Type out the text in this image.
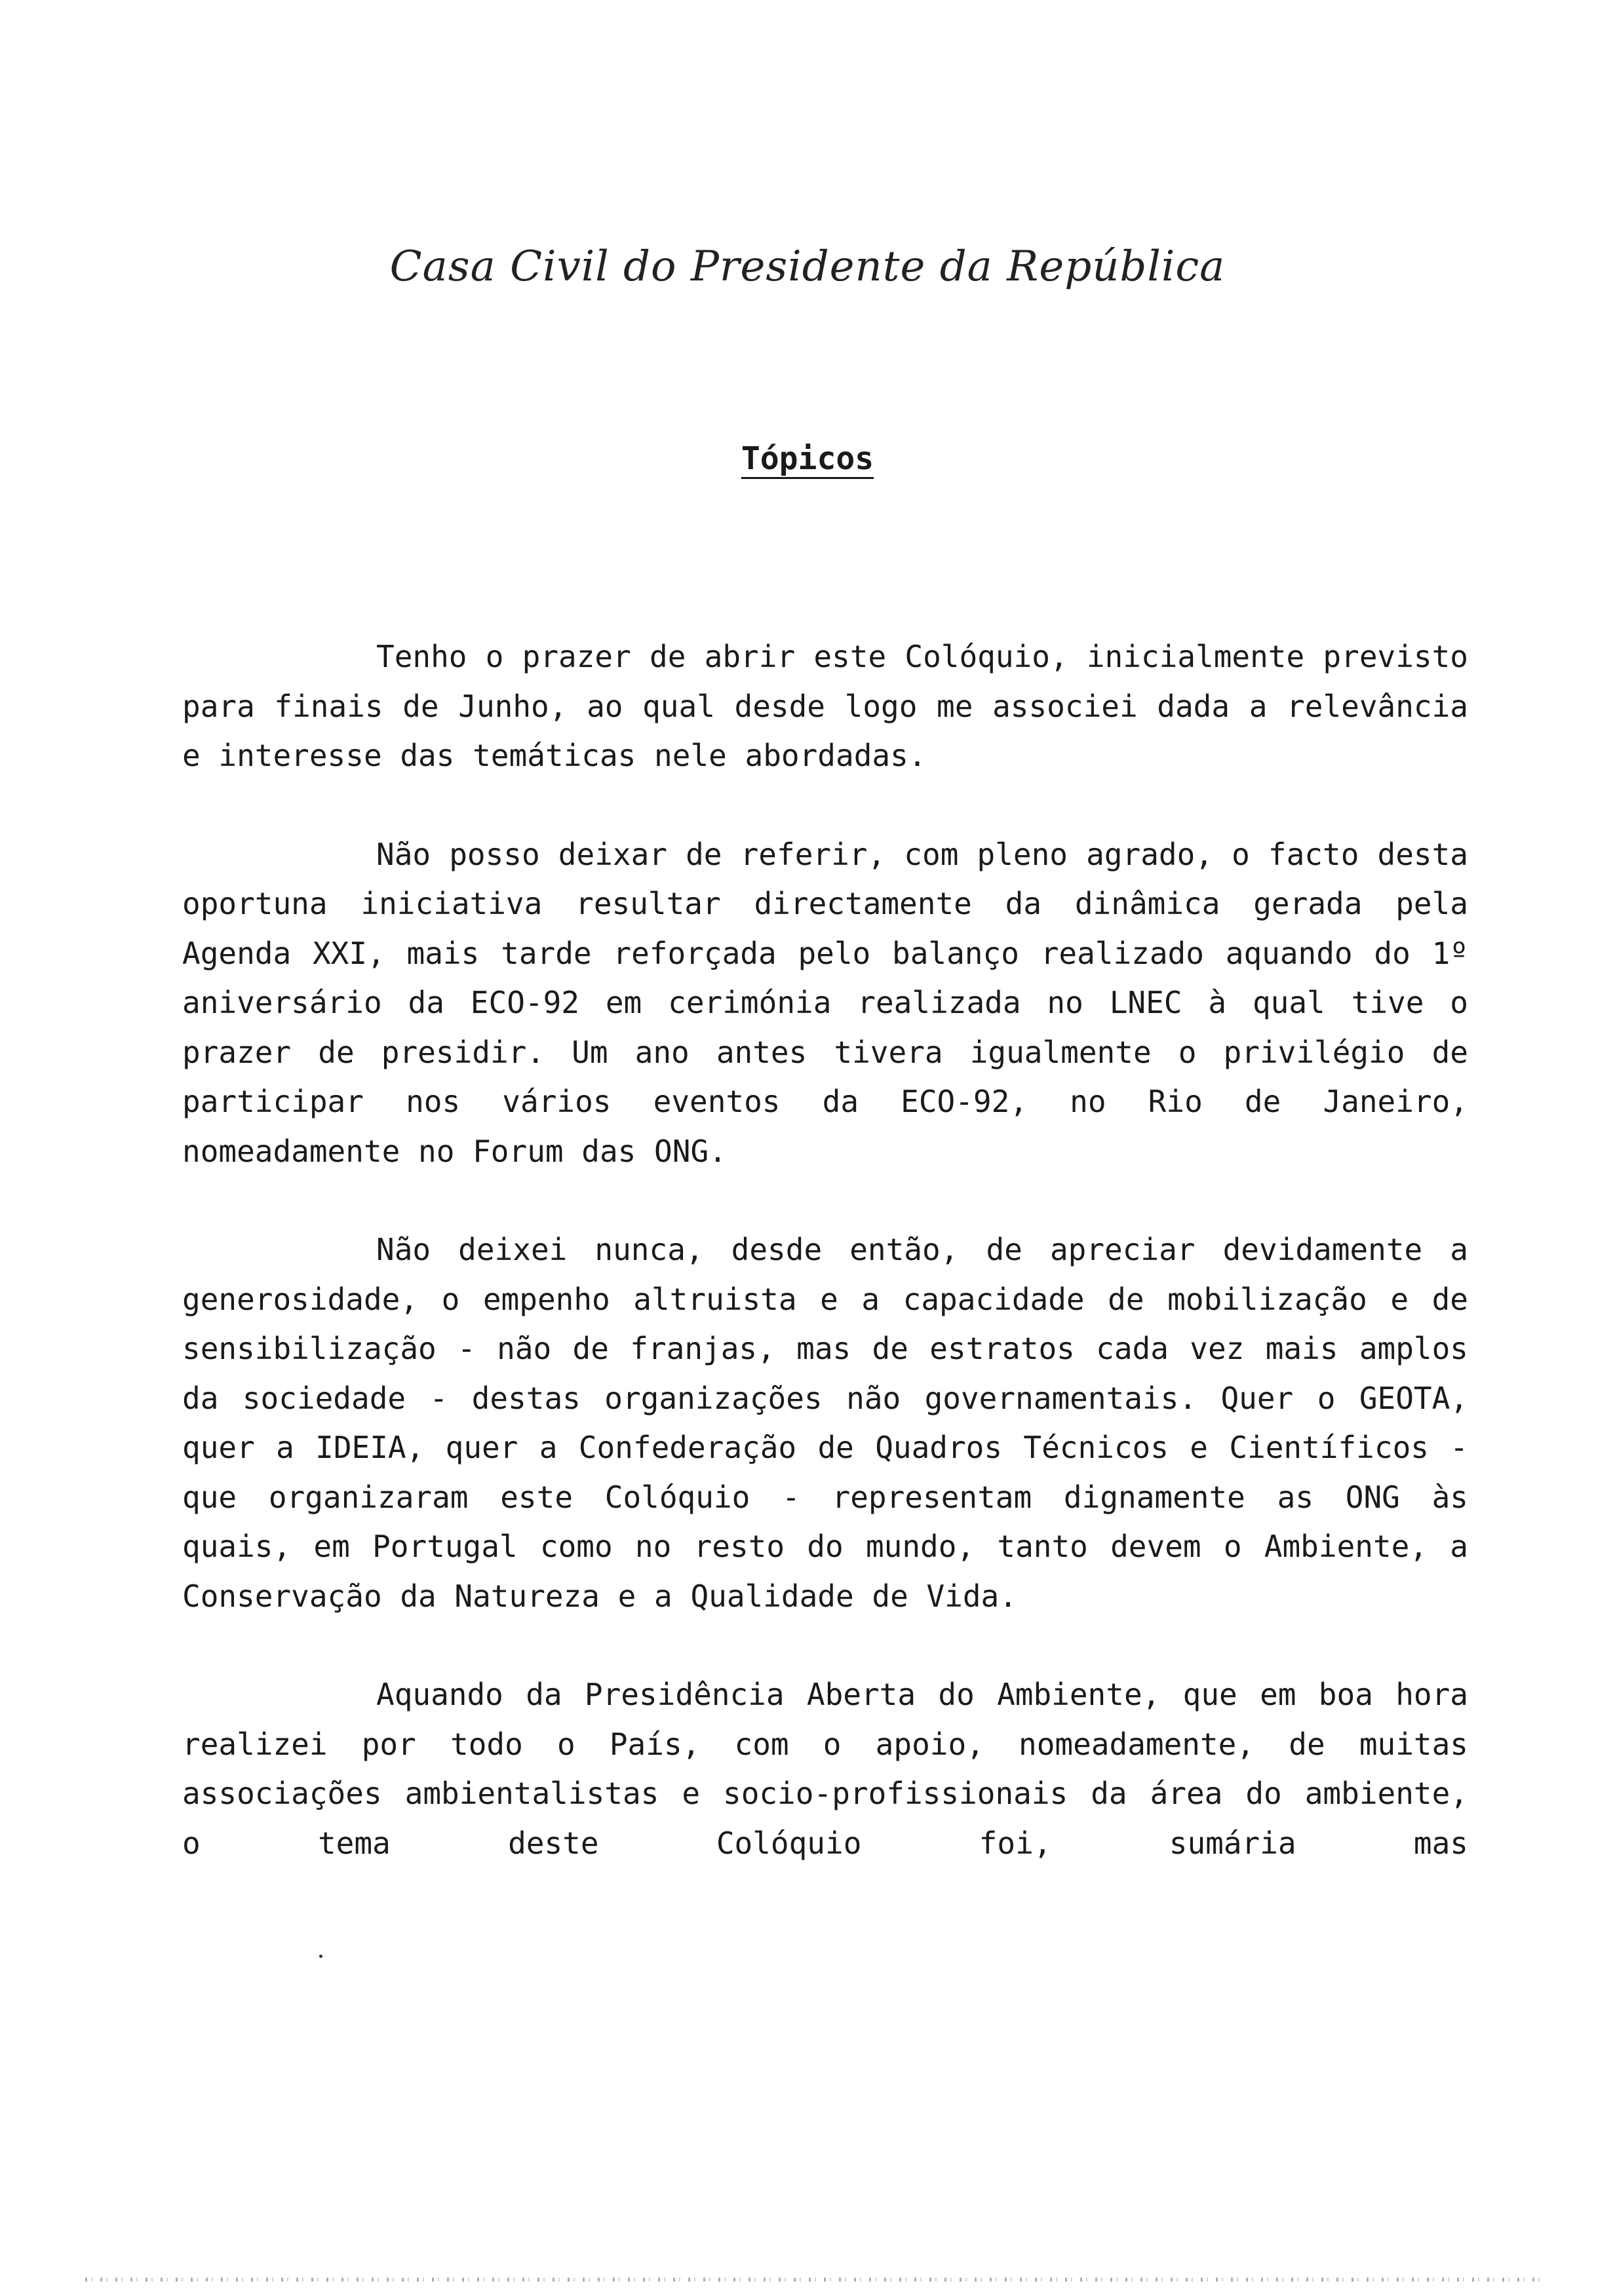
Casa Civil do Presidente da República
Tópicos

Tenho o prazer de abrir este Colóquio, inicialmente previsto para finais de Junho, ao qual desde logo me associei dada a relevância e interesse das temáticas nele abordadas.

Não posso deixar de referir, com pleno agrado, o facto desta oportuna iniciativa resultar directamente da dinâmica gerada pela Agenda XXI, mais tarde reforçada pelo balanço realizado aquando do 1º aniversário da ECO-92 em cerimónia realizada no LNEC à qual tive o prazer de presidir. Um ano antes tivera igualmente o privilégio de participar nos vários eventos da ECO-92, no Rio de Janeiro, nomeadamente no Forum das ONG.

Não deixei nunca, desde então, de apreciar devidamente a generosidade, o empenho altruista e a capacidade de mobilização e de sensibilização - não de franjas, mas de estratos cada vez mais amplos da sociedade - destas organizações não governamentais. Quer o GEOTA, quer a IDEIA, quer a Confederação de Quadros Técnicos e Científicos - que organizaram este Colóquio - representam dignamente as ONG às quais, em Portugal como no resto do mundo, tanto devem o Ambiente, a Conservação da Natureza e a Qualidade de Vida.

Aquando da Presidência Aberta do Ambiente, que em boa hora realizei por todo o País, com o apoio, nomeadamente, de muitas associações ambientalistas e socio-profissionais da área do ambiente, o tema deste Colóquio foi, sumária mas
